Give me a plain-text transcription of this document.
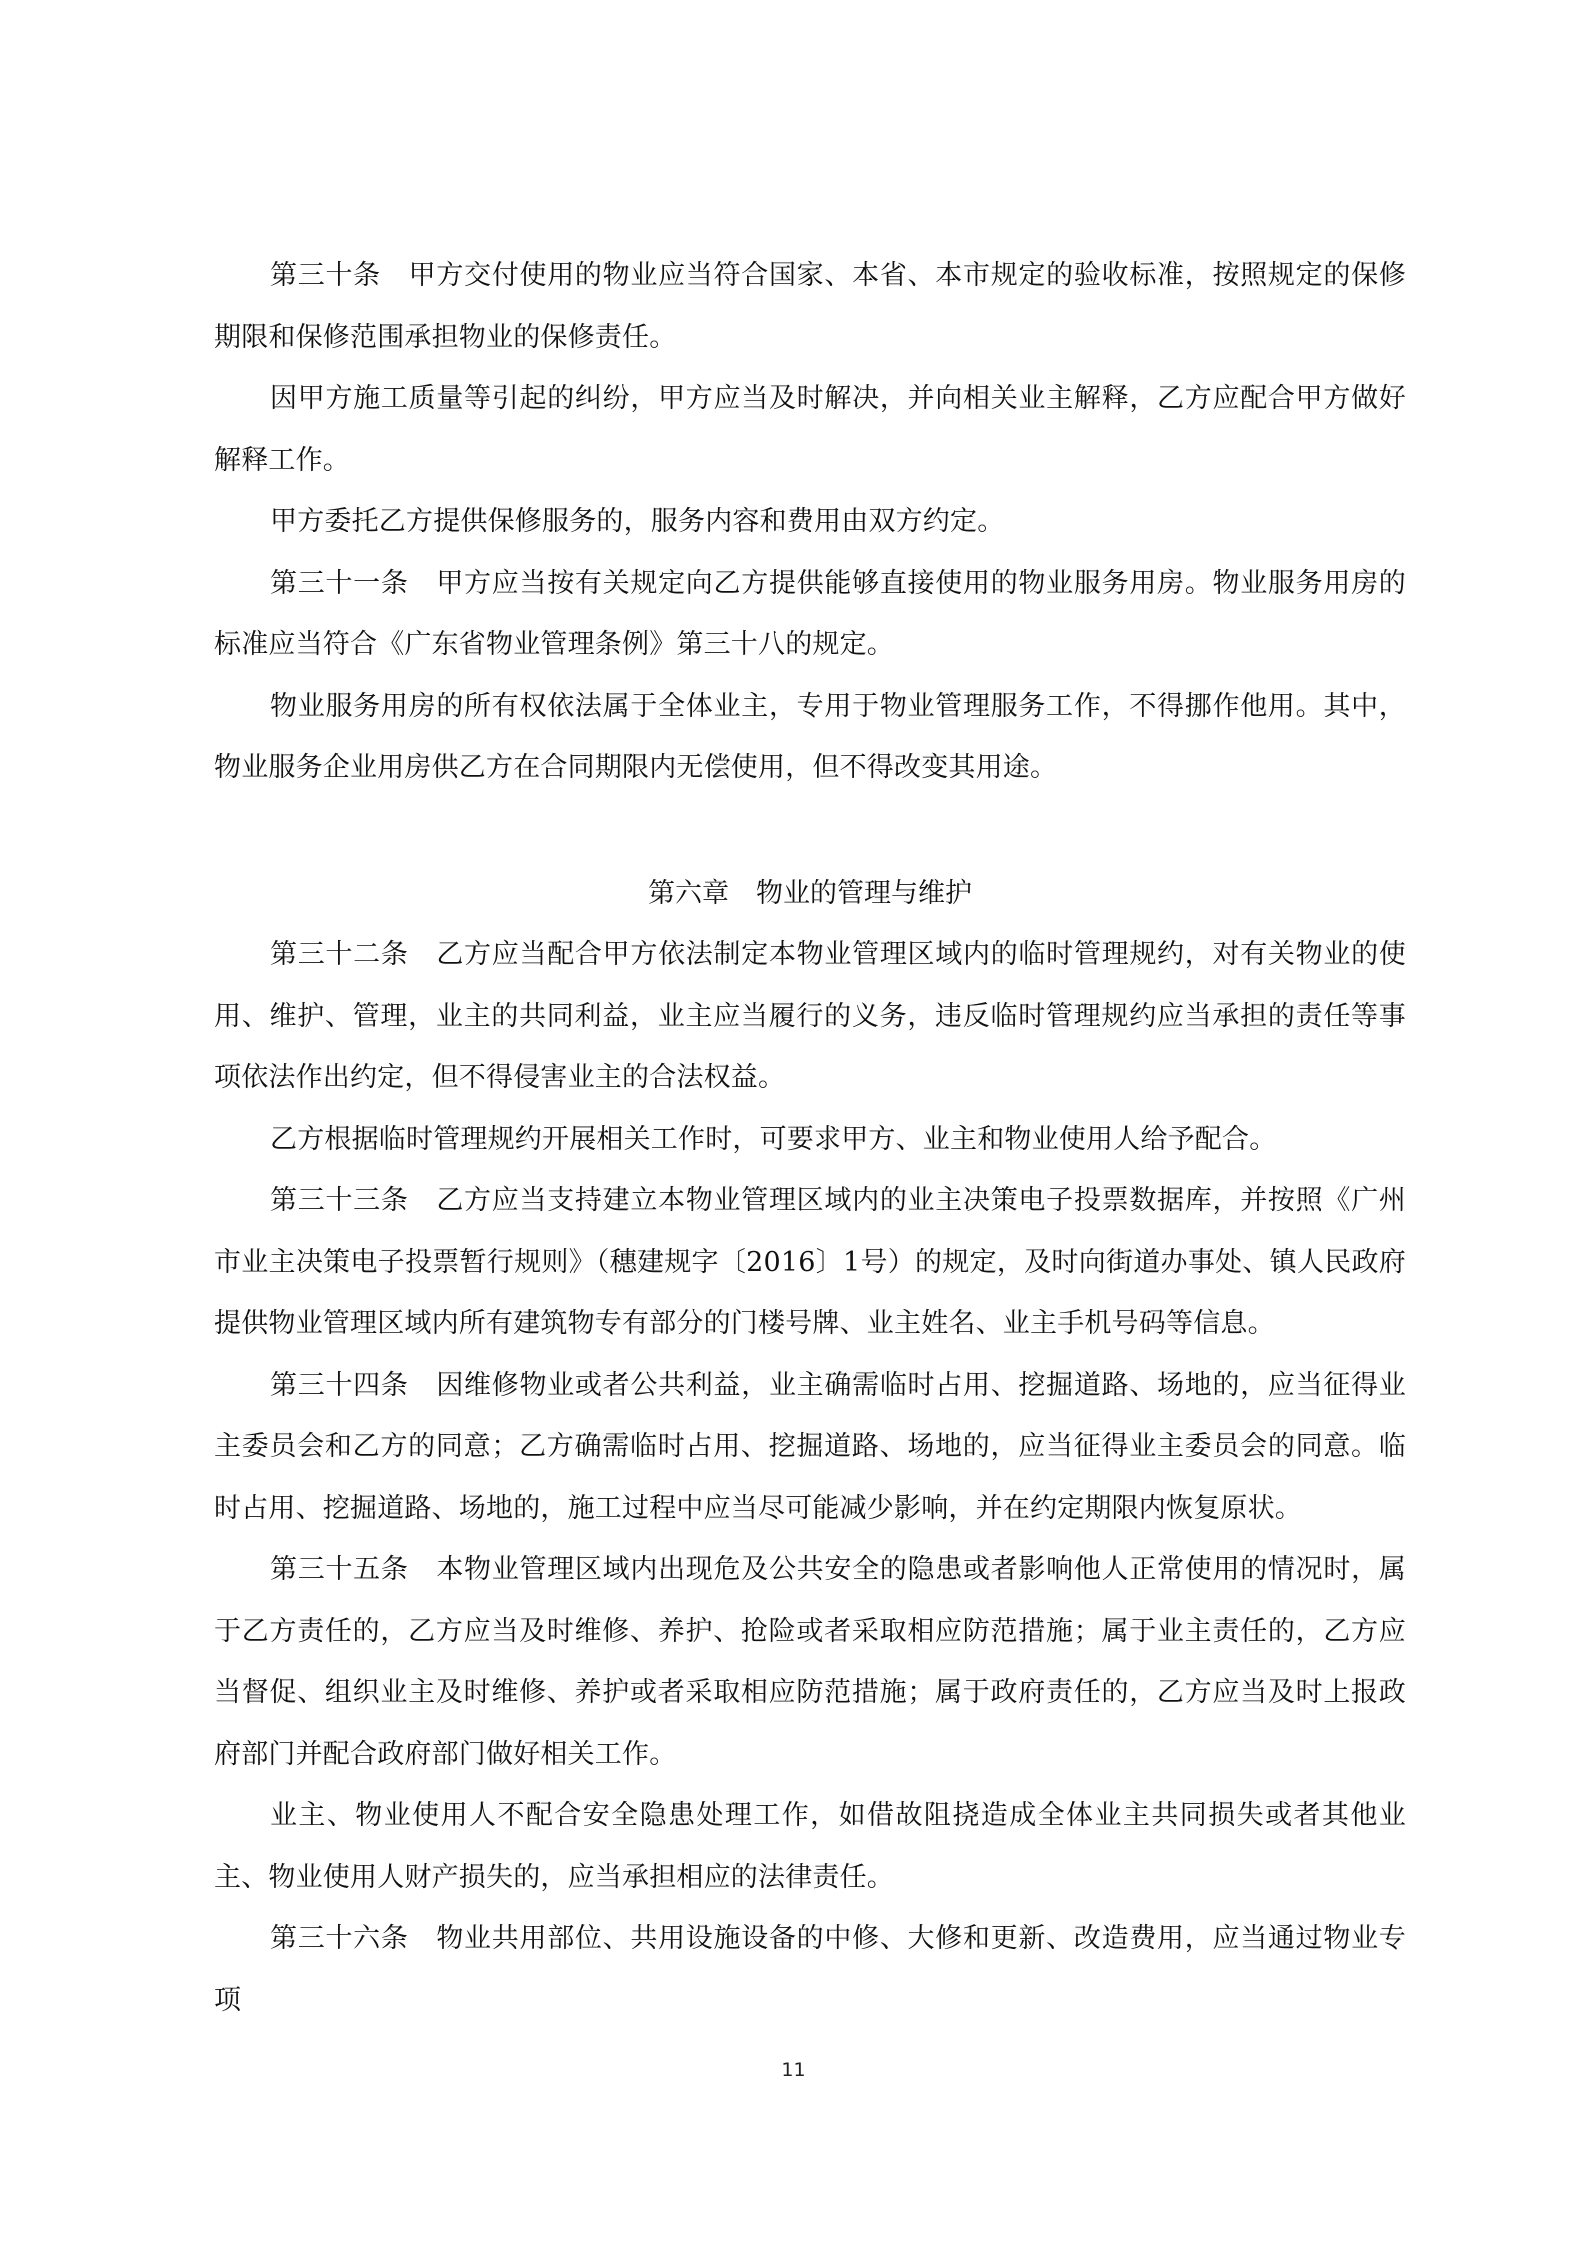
第三十条　甲方交付使用的物业应当符合国家、本省、本市规定的验收标准，按照规定的保修期限和保修范围承担物业的保修责任。

因甲方施工质量等引起的纠纷，甲方应当及时解决，并向相关业主解释，乙方应配合甲方做好解释工作。

甲方委托乙方提供保修服务的，服务内容和费用由双方约定。

第三十一条　甲方应当按有关规定向乙方提供能够直接使用的物业服务用房。物业服务用房的标准应当符合《广东省物业管理条例》第三十八的规定。

物业服务用房的所有权依法属于全体业主，专用于物业管理服务工作，不得挪作他用。其中，物业服务企业用房供乙方在合同期限内无偿使用，但不得改变其用途。

第六章　物业的管理与维护

第三十二条　乙方应当配合甲方依法制定本物业管理区域内的临时管理规约，对有关物业的使用、维护、管理，业主的共同利益，业主应当履行的义务，违反临时管理规约应当承担的责任等事项依法作出约定，但不得侵害业主的合法权益。

乙方根据临时管理规约开展相关工作时，可要求甲方、业主和物业使用人给予配合。

第三十三条　乙方应当支持建立本物业管理区域内的业主决策电子投票数据库，并按照《广州市业主决策电子投票暂行规则》（穗建规字〔2016〕1号）的规定，及时向街道办事处、镇人民政府提供物业管理区域内所有建筑物专有部分的门楼号牌、业主姓名、业主手机号码等信息。

第三十四条　因维修物业或者公共利益，业主确需临时占用、挖掘道路、场地的，应当征得业主委员会和乙方的同意；乙方确需临时占用、挖掘道路、场地的，应当征得业主委员会的同意。临时占用、挖掘道路、场地的，施工过程中应当尽可能减少影响，并在约定期限内恢复原状。

第三十五条　本物业管理区域内出现危及公共安全的隐患或者影响他人正常使用的情况时，属于乙方责任的，乙方应当及时维修、养护、抢险或者采取相应防范措施；属于业主责任的，乙方应当督促、组织业主及时维修、养护或者采取相应防范措施；属于政府责任的，乙方应当及时上报政府部门并配合政府部门做好相关工作。

业主、物业使用人不配合安全隐患处理工作，如借故阻挠造成全体业主共同损失或者其他业主、物业使用人财产损失的，应当承担相应的法律责任。

第三十六条　物业共用部位、共用设施设备的中修、大修和更新、改造费用，应当通过物业专项

11
